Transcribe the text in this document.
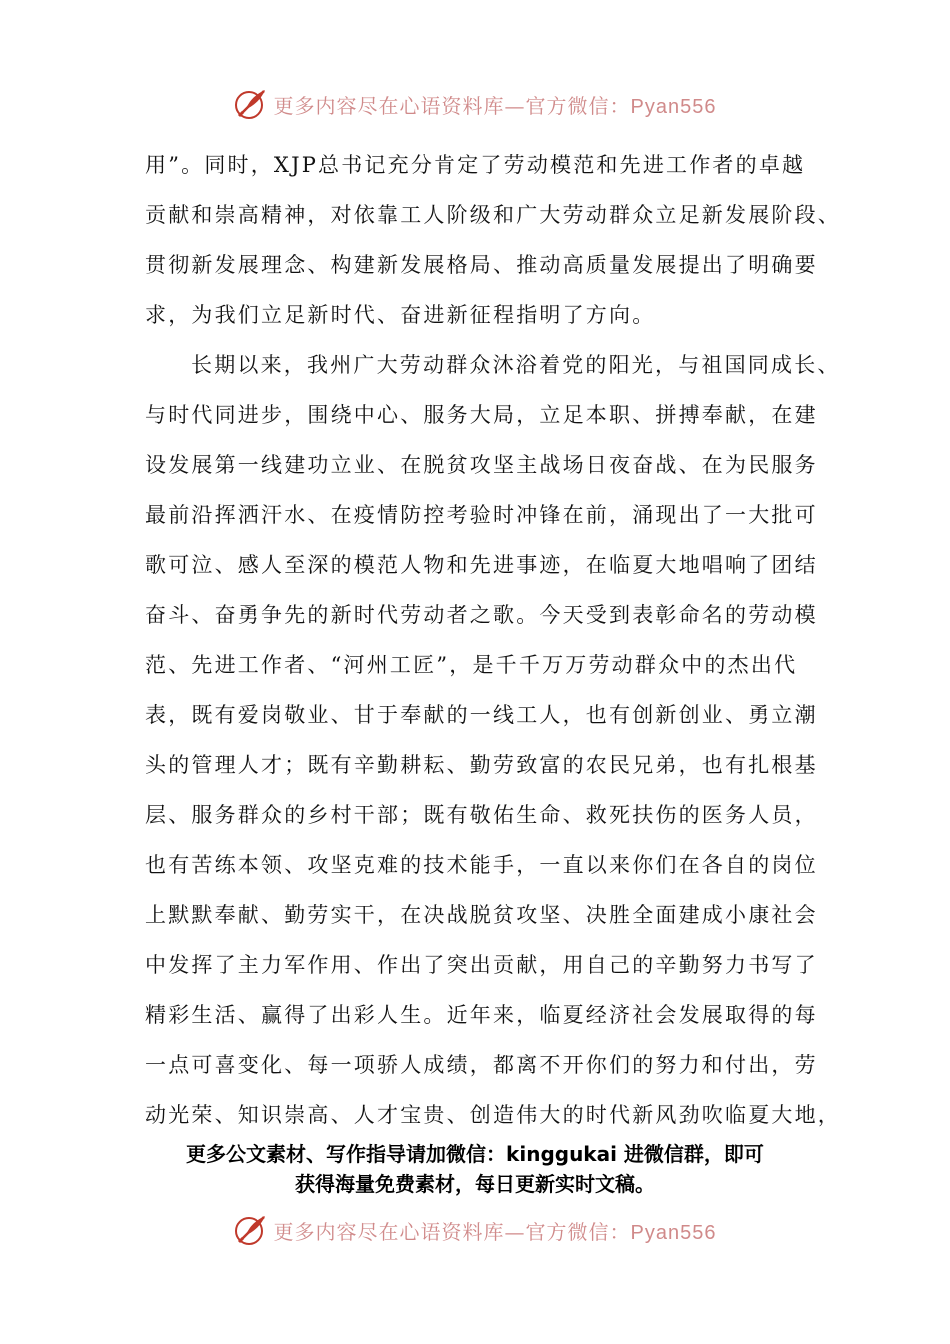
更多内容尽在心语资料库—官方微信：Pyan556
用”。同时，XJP总书记充分肯定了劳动模范和先进工作者的卓越
贡献和崇高精神，对依靠工人阶级和广大劳动群众立足新发展阶段、
贯彻新发展理念、构建新发展格局、推动高质量发展提出了明确要
求，为我们立足新时代、奋进新征程指明了方向。
长期以来，我州广大劳动群众沐浴着党的阳光，与祖国同成长、
与时代同进步，围绕中心、服务大局，立足本职、拼搏奉献，在建
设发展第一线建功立业、在脱贫攻坚主战场日夜奋战、在为民服务
最前沿挥洒汗水、在疫情防控考验时冲锋在前，涌现出了一大批可
歌可泣、感人至深的模范人物和先进事迹，在临夏大地唱响了团结
奋斗、奋勇争先的新时代劳动者之歌。今天受到表彰命名的劳动模
范、先进工作者、“河州工匠”，是千千万万劳动群众中的杰出代
表，既有爱岗敬业、甘于奉献的一线工人，也有创新创业、勇立潮
头的管理人才；既有辛勤耕耘、勤劳致富的农民兄弟，也有扎根基
层、服务群众的乡村干部；既有敬佑生命、救死扶伤的医务人员，
也有苦练本领、攻坚克难的技术能手，一直以来你们在各自的岗位
上默默奉献、勤劳实干，在决战脱贫攻坚、决胜全面建成小康社会
中发挥了主力军作用、作出了突出贡献，用自己的辛勤努力书写了
精彩生活、赢得了出彩人生。近年来，临夏经济社会发展取得的每
一点可喜变化、每一项骄人成绩，都离不开你们的努力和付出，劳
动光荣、知识崇高、人才宝贵、创造伟大的时代新风劲吹临夏大地，
更多公文素材、写作指导请加微信：kinggukai 进微信群，即可
获得海量免费素材，每日更新实时文稿。
更多内容尽在心语资料库—官方微信：Pyan556
